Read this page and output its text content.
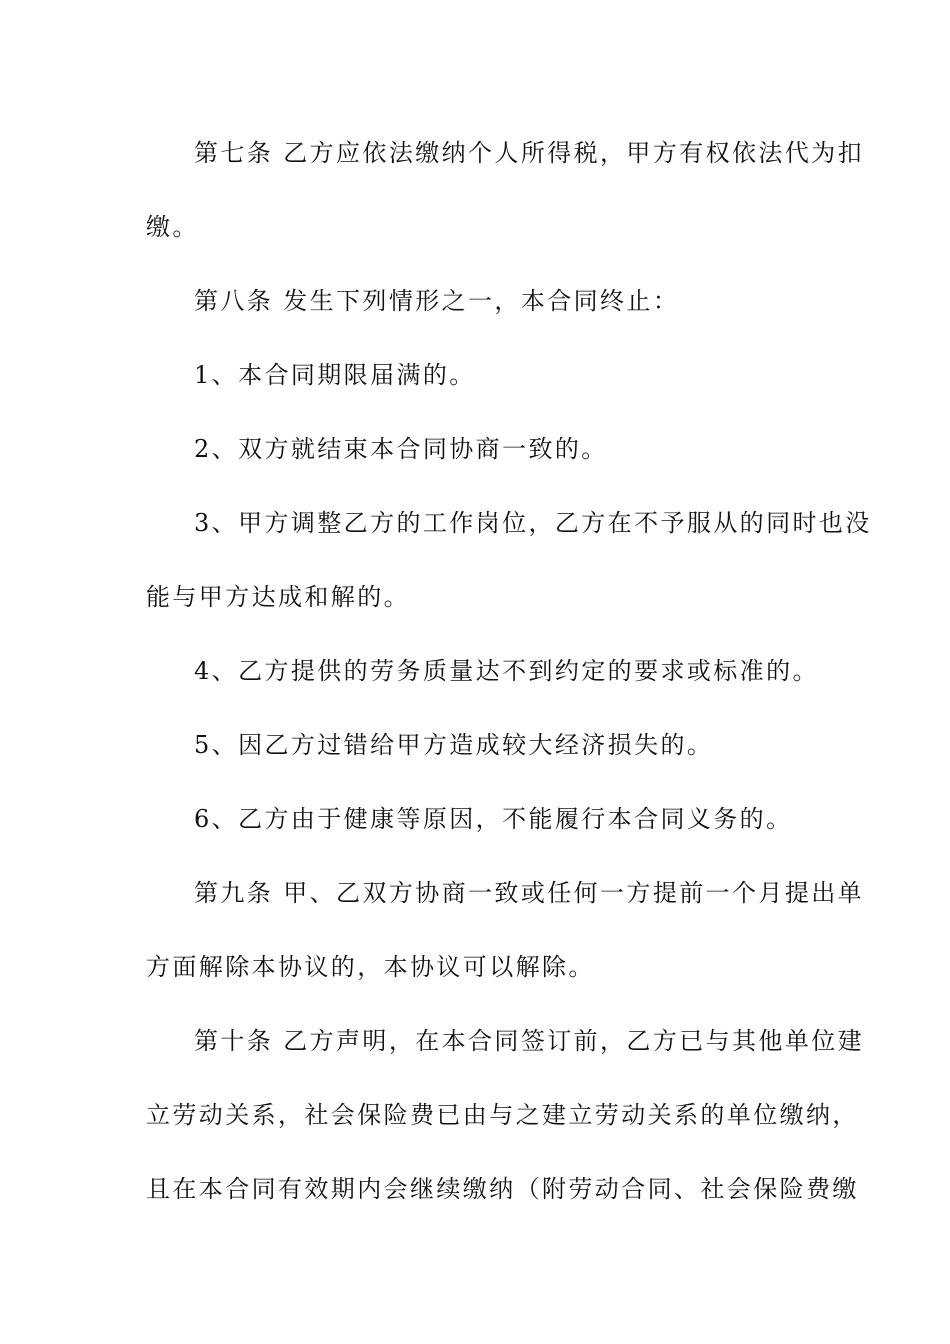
第七条 乙方应依法缴纳个人所得税，甲方有权依法代为扣
缴。
第八条 发生下列情形之一，本合同终止：
1、本合同期限届满的。
2、双方就结束本合同协商一致的。
3、甲方调整乙方的工作岗位，乙方在不予服从的同时也没
能与甲方达成和解的。
4、乙方提供的劳务质量达不到约定的要求或标准的。
5、因乙方过错给甲方造成较大经济损失的。
6、乙方由于健康等原因，不能履行本合同义务的。
第九条 甲、乙双方协商一致或任何一方提前一个月提出单
方面解除本协议的，本协议可以解除。
第十条 乙方声明，在本合同签订前，乙方已与其他单位建
立劳动关系，社会保险费已由与之建立劳动关系的单位缴纳，
且在本合同有效期内会继续缴纳（附劳动合同、社会保险费缴
